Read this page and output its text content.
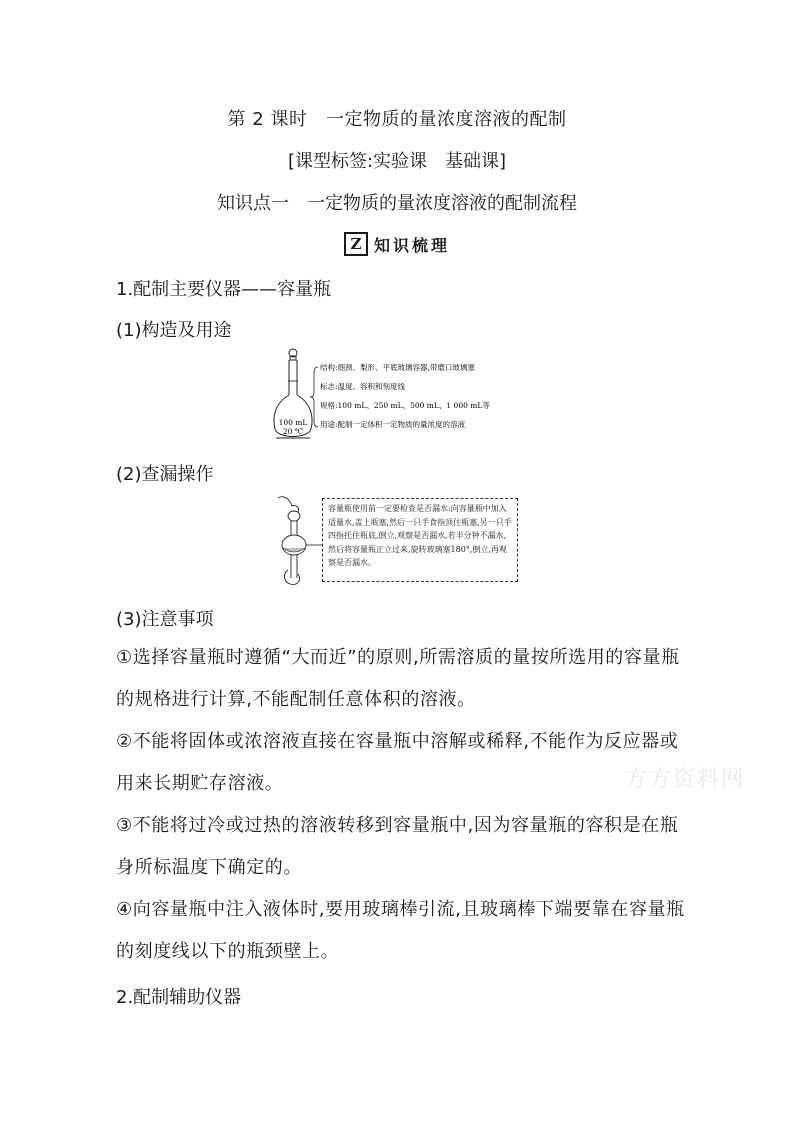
第 2 课时　一定物质的量浓度溶液的配制
[课型标签:实验课　基础课]
知识点一　一定物质的量浓度溶液的配制流程
Z 知识梳理
1.配制主要仪器——容量瓶
(1)构造及用途
100 mL
20 ℃
结构:细颈、梨形、平底玻璃容器,带磨口玻璃塞
标志:温度、容积和刻度线
规格:100 mL、250 mL、500 mL、1 000 mL等
用途:配制一定体积一定物质的量浓度的溶液
(2)查漏操作
容量瓶使用前一定要检查是否漏水:向容量瓶中加入适量水,盖上瓶塞,然后一只手食指顶住瓶塞,另一只手四指托住瓶底,倒立,观察是否漏水,若半分钟不漏水,然后将容量瓶正立过来,旋转玻璃塞180°,倒立,再观察是否漏水。
(3)注意事项
①选择容量瓶时遵循“大而近”的原则,所需溶质的量按所选用的容量瓶的规格进行计算,不能配制任意体积的溶液。
②不能将固体或浓溶液直接在容量瓶中溶解或稀释,不能作为反应器或用来长期贮存溶液。
③不能将过冷或过热的溶液转移到容量瓶中,因为容量瓶的容积是在瓶身所标温度下确定的。
④向容量瓶中注入液体时,要用玻璃棒引流,且玻璃棒下端要靠在容量瓶的刻度线以下的瓶颈壁上。
2.配制辅助仪器
方方资料网
